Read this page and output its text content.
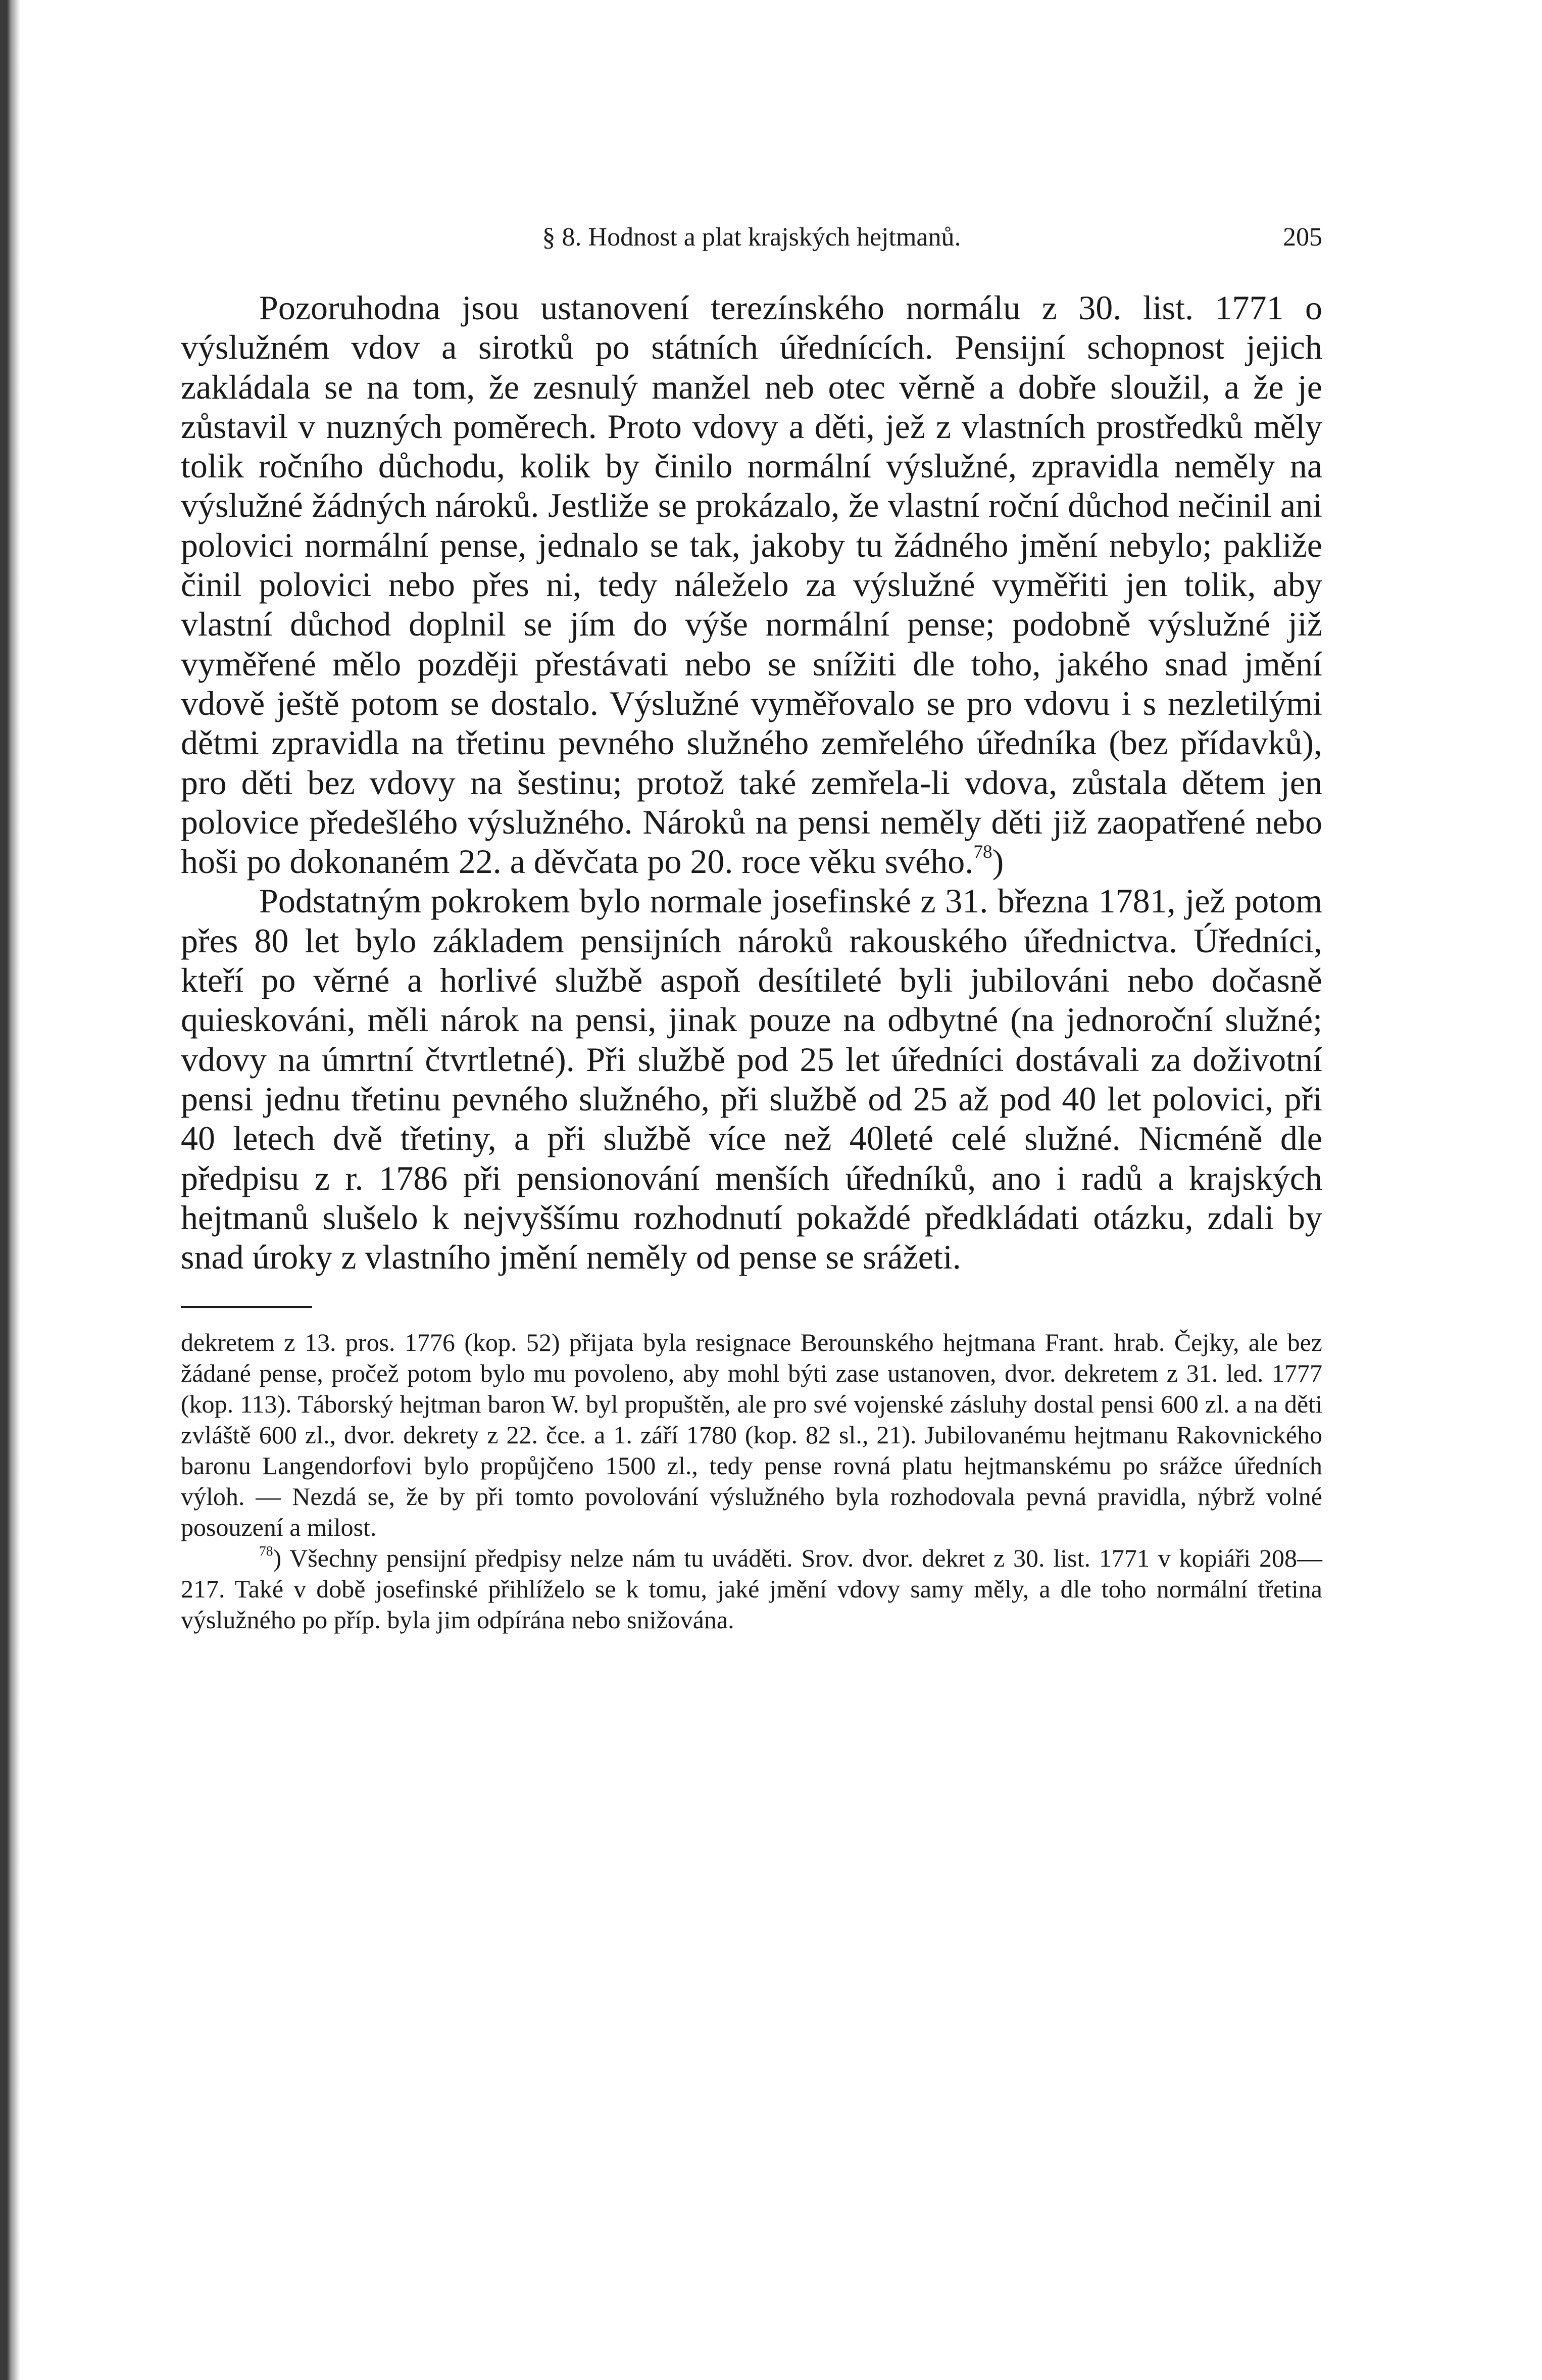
§ 8. Hodnost a plat krajských hejtmanů.	205

Pozoruhodna jsou ustanovení terezínského normálu z 30. list. 1771 o výslužném vdov a sirotků po státních úřednících. Pensijní schopnost jejich zakládala se na tom, že zesnulý manžel neb otec věrně a dobře sloužil, a že je zůstavil v nuzných poměrech. Proto vdovy a děti, jež z vlastních prostředků měly tolik ročního důchodu, kolik by činilo normální výslužné, zpravidla neměly na výslužné žádných nároků. Jestliže se prokázalo, že vlastní roční důchod nečinil ani polovici normální pense, jednalo se tak, jakoby tu žádného jmění nebylo; pakliže činil polovici nebo přes ni, tedy náleželo za výslužné vyměřiti jen tolik, aby vlastní důchod doplnil se jím do výše normální pense; podobně výslužné již vyměřené mělo později přestávati nebo se snížiti dle toho, jakého snad jmění vdově ještě potom se dostalo. Výslužné vyměřovalo se pro vdovu i s nezletilými dětmi zpravidla na třetinu pevného služného zemřelého úředníka (bez přídavků), pro děti bez vdovy na šestinu; protož také zemřela-li vdova, zůstala dětem jen polovice předešlého výslužného. Nároků na pensi neměly děti již zaopatřené nebo hoši po dokonaném 22. a děvčata po 20. roce věku svého.$^{78}$)

Podstatným pokrokem bylo normale josefinské z 31. března 1781, jež potom přes 80 let bylo základem pensijních nároků rakouského úřednictva. Úředníci, kteří po věrné a horlivé službě aspoň desítileté byli jubilováni nebo dočasně quieskováni, měli nárok na pensi, jinak pouze na odbytné (na jednoroční služné; vdovy na úmrtní čtvrtletné). Při službě pod 25 let úředníci dostávali za doživotní pensi jednu třetinu pevného služného, při službě od 25 až pod 40 let polovici, při 40 letech dvě třetiny, a při službě více než 40leté celé služné. Nicméně dle předpisu z r. 1786 při pensionování menších úředníků, ano i radů a krajských hejtmanů slušelo k nejvyššímu rozhodnutí pokaždé předkládati otázku, zdali by snad úroky z vlastního jmění neměly od pense se srážeti.

dekretem z 13. pros. 1776 (kop. 52) přijata byla resignace Berounského hejtmana Frant. hrab. Čejky, ale bez žádané pense, pročež potom bylo mu povoleno, aby mohl býti zase ustanoven, dvor. dekretem z 31. led. 1777 (kop. 113). Táborský hejtman baron W. byl propuštěn, ale pro své vojenské zásluhy dostal pensi 600 zl. a na děti zvláště 600 zl., dvor. dekrety z 22. čce. a 1. září 1780 (kop. 82 sl., 21). Jubilovanému hejtmanu Rakovnického baronu Langendorfovi bylo propůjčeno 1500 zl., tedy pense rovná platu hejtmanskému po srážce úředních výloh. — Nezdá se, že by při tomto povolování výslužného byla rozhodovala pevná pravidla, nýbrž volné posouzení a milost.

$^{78}$) Všechny pensijní předpisy nelze nám tu uváděti. Srov. dvor. dekret z 30. list. 1771 v kopiáři 208—217. Také v době josefinské přihlíželo se k tomu, jaké jmění vdovy samy měly, a dle toho normální třetina výslužného po příp. byla jim odpírána nebo snižována.
